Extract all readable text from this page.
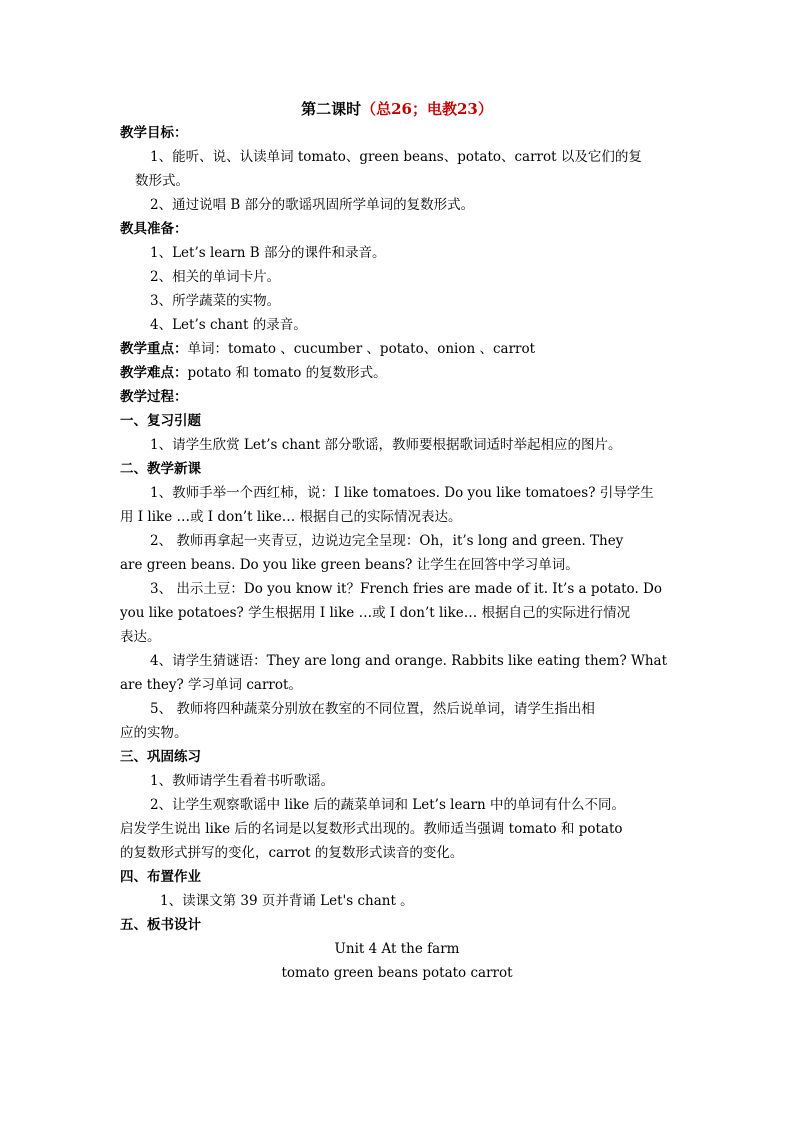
第二课时（总26；电教23）
教学目标：
1、能听、说、认读单词 tomato、green beans、potato、carrot 以及它们的复
数形式。
2、通过说唱 B 部分的歌谣巩固所学单词的复数形式。
教具准备：
1、Let’s learn B 部分的课件和录音。
2、相关的单词卡片。
3、所学蔬菜的实物。
4、Let’s chant 的录音。
教学重点：单词：tomato 、cucumber 、potato、onion 、carrot
教学难点：potato 和 tomato 的复数形式。
教学过程：
一、复习引题
1、请学生欣赏 Let’s chant 部分歌谣，教师要根据歌词适时举起相应的图片。
二、教学新课
1、教师手举一个西红柿，说：I like tomatoes. Do you like tomatoes? 引导学生
用 I like …或 I don’t like… 根据自己的实际情况表达。
2、 教师再拿起一夹青豆，边说边完全呈现：Oh，it’s long and green. They
are green beans. Do you like green beans? 让学生在回答中学习单词。
3、 出示土豆：Do you know it？French fries are made of it. It’s a potato. Do
you like potatoes? 学生根据用 I like …或 I don’t like… 根据自己的实际进行情况
表达。
4、请学生猜谜语：They are long and orange. Rabbits like eating them? What
are they? 学习单词 carrot。
5、 教师将四种蔬菜分别放在教室的不同位置，然后说单词，请学生指出相
应的实物。
三、巩固练习
1、教师请学生看着书听歌谣。
2、让学生观察歌谣中 like 后的蔬菜单词和 Let’s learn 中的单词有什么不同。
启发学生说出 like 后的名词是以复数形式出现的。教师适当强调 tomato 和 potato
的复数形式拼写的变化，carrot 的复数形式读音的变化。
四、布置作业
1、读课文第 39 页并背诵 Let's chant 。
五、板书设计
Unit 4 At the farm
tomato green beans potato carrot
